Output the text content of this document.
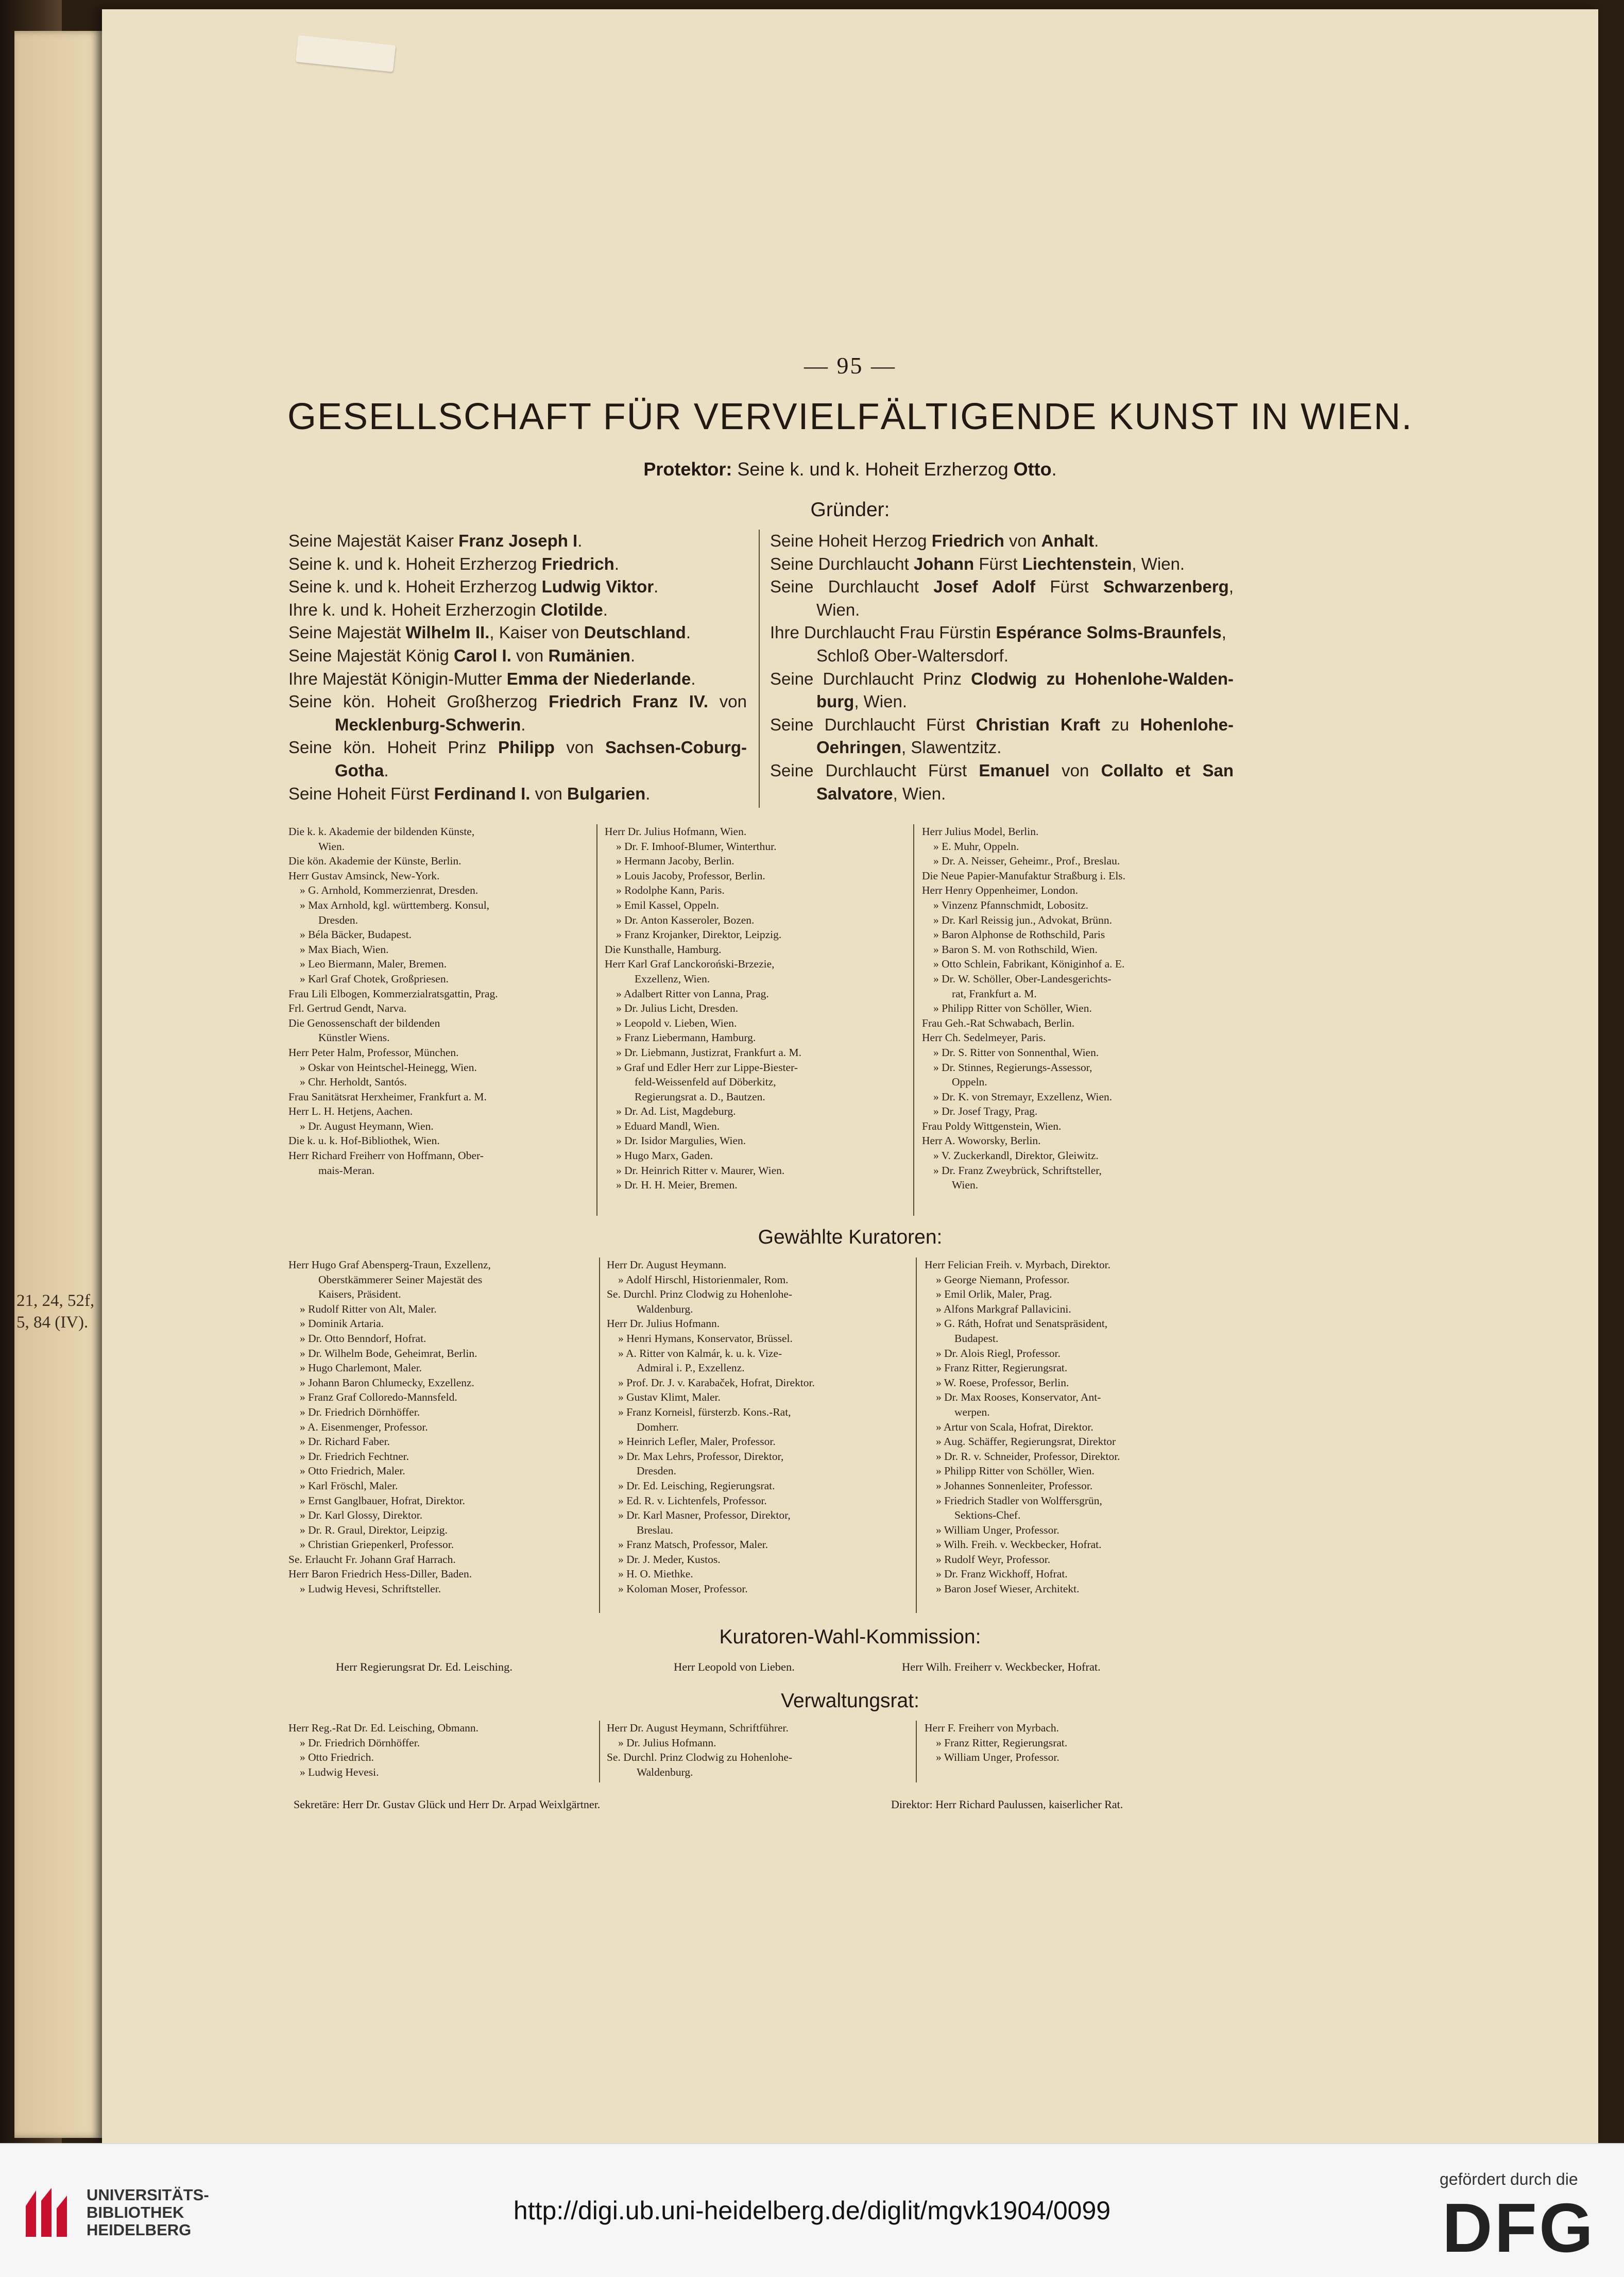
21, 24, 52f,
5, 84 (IV).
— 95 —
GESELLSCHAFT FÜR VERVIELFÄLTIGENDE KUNST IN WIEN.
Protektor: Seine k. und k. Hoheit Erzherzog Otto.
Gründer:
Seine Majestät Kaiser Franz Joseph I.
Seine k. und k. Hoheit Erzherzog Friedrich.
Seine k. und k. Hoheit Erzherzog Ludwig Viktor.
Ihre k. und k. Hoheit Erzherzogin Clotilde.
Seine Majestät Wilhelm II., Kaiser von Deutschland.
Seine Majestät König Carol I. von Rumänien.
Ihre Majestät Königin-Mutter Emma der Niederlande.
Seine kön. Hoheit Großherzog Friedrich Franz IV. von
Mecklenburg-Schwerin.
Seine kön. Hoheit Prinz Philipp von Sachsen-Coburg-
Gotha.
Seine Hoheit Fürst Ferdinand I. von Bulgarien.
Seine Hoheit Herzog Friedrich von Anhalt.
Seine Durchlaucht Johann Fürst Liechtenstein, Wien.
Seine Durchlaucht Josef Adolf Fürst Schwarzenberg,
Wien.
Ihre Durchlaucht Frau Fürstin Espérance Solms-Braunfels,
Schloß Ober-Waltersdorf.
Seine Durchlaucht Prinz Clodwig zu Hohenlohe-Walden-
burg, Wien.
Seine Durchlaucht Fürst Christian Kraft zu Hohenlohe-
Oehringen, Slawentzitz.
Seine Durchlaucht Fürst Emanuel von Collalto et San
Salvatore, Wien.
Die k. k. Akademie der bildenden Künste,
Wien.
Die kön. Akademie der Künste, Berlin.
Herr Gustav Amsinck, New-York.
» G. Arnhold, Kommerzienrat, Dresden.
» Max Arnhold, kgl. württemberg. Konsul,
Dresden.
» Béla Bäcker, Budapest.
» Max Biach, Wien.
» Leo Biermann, Maler, Bremen.
» Karl Graf Chotek, Großpriesen.
Frau Lili Elbogen, Kommerzialratsgattin, Prag.
Frl. Gertrud Gendt, Narva.
Die Genossenschaft der bildenden
Künstler Wiens.
Herr Peter Halm, Professor, München.
» Oskar von Heintschel-Heinegg, Wien.
» Chr. Herholdt, Santós.
Frau Sanitätsrat Herxheimer, Frankfurt a. M.
Herr L. H. Hetjens, Aachen.
» Dr. August Heymann, Wien.
Die k. u. k. Hof-Bibliothek, Wien.
Herr Richard Freiherr von Hoffmann, Ober-
mais-Meran.
Herr Dr. Julius Hofmann, Wien.
» Dr. F. Imhoof-Blumer, Winterthur.
» Hermann Jacoby, Berlin.
» Louis Jacoby, Professor, Berlin.
» Rodolphe Kann, Paris.
» Emil Kassel, Oppeln.
» Dr. Anton Kasseroler, Bozen.
» Franz Krojanker, Direktor, Leipzig.
Die Kunsthalle, Hamburg.
Herr Karl Graf Lanckoroński-Brzezie,
Exzellenz, Wien.
» Adalbert Ritter von Lanna, Prag.
» Dr. Julius Licht, Dresden.
» Leopold v. Lieben, Wien.
» Franz Liebermann, Hamburg.
» Dr. Liebmann, Justizrat, Frankfurt a. M.
» Graf und Edler Herr zur Lippe-Biester-
feld-Weissenfeld auf Döberkitz,
Regierungsrat a. D., Bautzen.
» Dr. Ad. List, Magdeburg.
» Eduard Mandl, Wien.
» Dr. Isidor Margulies, Wien.
» Hugo Marx, Gaden.
» Dr. Heinrich Ritter v. Maurer, Wien.
» Dr. H. H. Meier, Bremen.
Herr Julius Model, Berlin.
» E. Muhr, Oppeln.
» Dr. A. Neisser, Geheimr., Prof., Breslau.
Die Neue Papier-Manufaktur Straßburg i. Els.
Herr Henry Oppenheimer, London.
» Vinzenz Pfannschmidt, Lobositz.
» Dr. Karl Reissig jun., Advokat, Brünn.
» Baron Alphonse de Rothschild, Paris
» Baron S. M. von Rothschild, Wien.
» Otto Schlein, Fabrikant, Königinhof a. E.
» Dr. W. Schöller, Ober-Landesgerichts-
rat, Frankfurt a. M.
» Philipp Ritter von Schöller, Wien.
Frau Geh.-Rat Schwabach, Berlin.
Herr Ch. Sedelmeyer, Paris.
» Dr. S. Ritter von Sonnenthal, Wien.
» Dr. Stinnes, Regierungs-Assessor,
Oppeln.
» Dr. K. von Stremayr, Exzellenz, Wien.
» Dr. Josef Tragy, Prag.
Frau Poldy Wittgenstein, Wien.
Herr A. Woworsky, Berlin.
» V. Zuckerkandl, Direktor, Gleiwitz.
» Dr. Franz Zweybrück, Schriftsteller,
Wien.
Gewählte Kuratoren:
Herr Hugo Graf Abensperg-Traun, Exzellenz,
Oberstkämmerer Seiner Majestät des
Kaisers, Präsident.
» Rudolf Ritter von Alt, Maler.
» Dominik Artaria.
» Dr. Otto Benndorf, Hofrat.
» Dr. Wilhelm Bode, Geheimrat, Berlin.
» Hugo Charlemont, Maler.
» Johann Baron Chlumecky, Exzellenz.
» Franz Graf Colloredo-Mannsfeld.
» Dr. Friedrich Dörnhöffer.
» A. Eisenmenger, Professor.
» Dr. Richard Faber.
» Dr. Friedrich Fechtner.
» Otto Friedrich, Maler.
» Karl Fröschl, Maler.
» Ernst Ganglbauer, Hofrat, Direktor.
» Dr. Karl Glossy, Direktor.
» Dr. R. Graul, Direktor, Leipzig.
» Christian Griepenkerl, Professor.
Se. Erlaucht Fr. Johann Graf Harrach.
Herr Baron Friedrich Hess-Diller, Baden.
» Ludwig Hevesi, Schriftsteller.
Herr Dr. August Heymann.
» Adolf Hirschl, Historienmaler, Rom.
Se. Durchl. Prinz Clodwig zu Hohenlohe-
Waldenburg.
Herr Dr. Julius Hofmann.
» Henri Hymans, Konservator, Brüssel.
» A. Ritter von Kalmár, k. u. k. Vize-
Admiral i. P., Exzellenz.
» Prof. Dr. J. v. Karabaček, Hofrat, Direktor.
» Gustav Klimt, Maler.
» Franz Korneisl, fürsterzb. Kons.-Rat,
Domherr.
» Heinrich Lefler, Maler, Professor.
» Dr. Max Lehrs, Professor, Direktor,
Dresden.
» Dr. Ed. Leisching, Regierungsrat.
» Ed. R. v. Lichtenfels, Professor.
» Dr. Karl Masner, Professor, Direktor,
Breslau.
» Franz Matsch, Professor, Maler.
» Dr. J. Meder, Kustos.
» H. O. Miethke.
» Koloman Moser, Professor.
Herr Felician Freih. v. Myrbach, Direktor.
» George Niemann, Professor.
» Emil Orlik, Maler, Prag.
» Alfons Markgraf Pallavicini.
» G. Ráth, Hofrat und Senatspräsident,
Budapest.
» Dr. Alois Riegl, Professor.
» Franz Ritter, Regierungsrat.
» W. Roese, Professor, Berlin.
» Dr. Max Rooses, Konservator, Ant-
werpen.
» Artur von Scala, Hofrat, Direktor.
» Aug. Schäffer, Regierungsrat, Direktor
» Dr. R. v. Schneider, Professor, Direktor.
» Philipp Ritter von Schöller, Wien.
» Johannes Sonnenleiter, Professor.
» Friedrich Stadler von Wolffersgrün,
Sektions-Chef.
» William Unger, Professor.
» Wilh. Freih. v. Weckbecker, Hofrat.
» Rudolf Weyr, Professor.
» Dr. Franz Wickhoff, Hofrat.
» Baron Josef Wieser, Architekt.
Kuratoren-Wahl-Kommission:
Herr Regierungsrat Dr. Ed. Leisching.	Herr Leopold von Lieben.	Herr Wilh. Freiherr v. Weckbecker, Hofrat.
Verwaltungsrat:
Herr Reg.-Rat Dr. Ed. Leisching, Obmann.
» Dr. Friedrich Dörnhöffer.
» Otto Friedrich.
» Ludwig Hevesi.
Herr Dr. August Heymann, Schriftführer.
» Dr. Julius Hofmann.
Se. Durchl. Prinz Clodwig zu Hohenlohe-
Waldenburg.
Herr F. Freiherr von Myrbach.
» Franz Ritter, Regierungsrat.
» William Unger, Professor.
Sekretäre: Herr Dr. Gustav Glück und Herr Dr. Arpad Weixlgärtner.	Direktor: Herr Richard Paulussen, kaiserlicher Rat.
UNIVERSITÄTS-
BIBLIOTHEK
HEIDELBERG
http://digi.ub.uni-heidelberg.de/diglit/mgvk1904/0099
gefördert durch die
DFG
